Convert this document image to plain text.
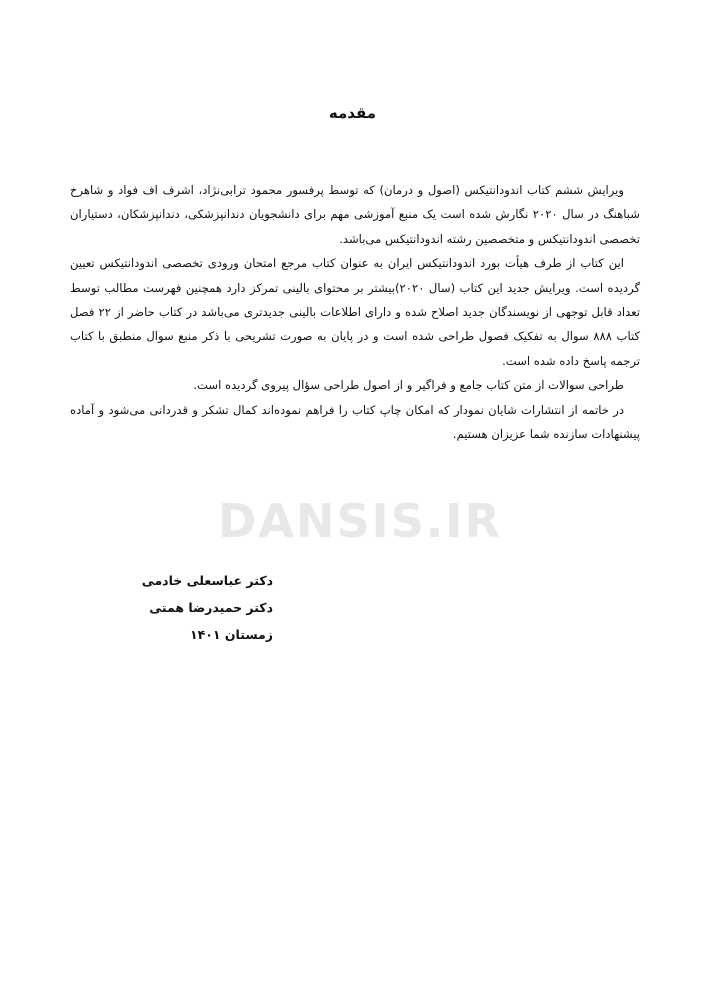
DANSIS.IR
مقدمه

ویرایش ششم کتاب اندودانتیکس (اصول و درمان) که توسط پرفسور محمود ترابی‌نژاد، اشرف اف فواد و شاهرخ شباهنگ در سال ۲۰۲۰ نگارش شده است یک منبع آموزشی مهم برای دانشجویان دندانپزشکی، دندانپزشکان، دستیاران تخصصی اندودانتیکس و متخصصین رشته اندودانتیکس می‌باشد.

این کتاب از طرف هیأت بورد اندودانتیکس ایران به عنوان کتاب مرجع امتحان ورودی تخصصی اندودانتیکس تعیین گردیده است. ویرایش جدید این کتاب (سال ۲۰۲۰)بیشتر بر محتوای بالینی تمرکز دارد همچنین فهرست مطالب توسط تعداد قابل توجهی از نویسندگان جدید اصلاح شده و دارای اطلاعات بالینی جدیدتری می‌باشد در کتاب حاضر از ۲۲ فصل کتاب ۸۸۸ سوال به تفکیک فصول طراحی شده است و در پایان به صورت تشریحی با ذکر منبع سوال منطبق با کتاب ترجمه پاسخ داده شده است.

طراحی سوالات از متن کتاب جامع و فراگیر و از اصول طراحی سؤال پیروی گردیده است.

در خاتمه از انتشارات شایان نمودار که امکان چاپ کتاب را فراهم نموده‌اند کمال تشکر و قدردانی می‌شود و آماده پیشنهادات سازنده شما عزیزان هستیم.

دکتر عباسعلی خادمی
دکتر حمیدرضا همتی
زمستان ۱۴۰۱
